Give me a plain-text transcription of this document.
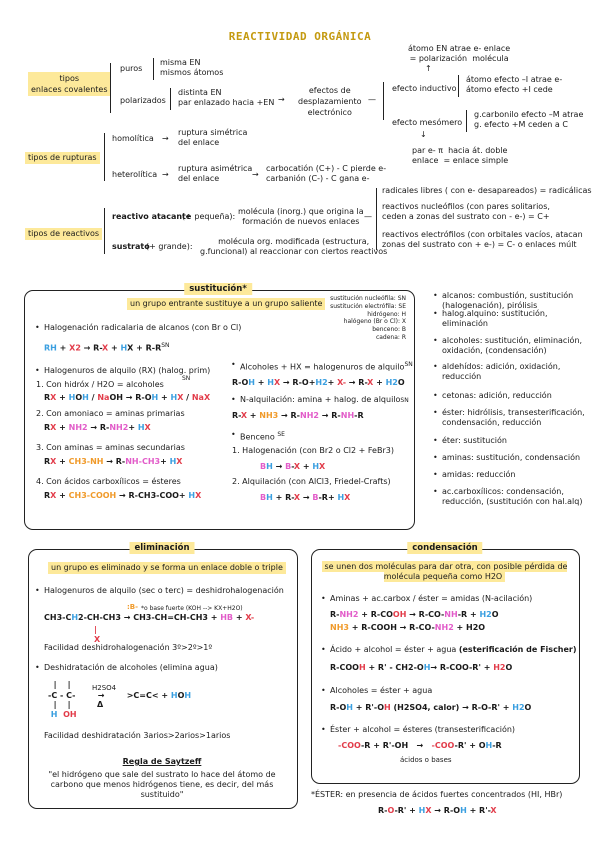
REACTIVIDAD ORGÁNICA
tipos
enlaces covalentes
puros
misma EN
mismos átomos
polarizados
distinta EN
par enlazado hacia +EN →
efectos de
desplazamiento
electrónico
—
átomo EN atrae e- enlace
= polarización  molécula
↑
efecto inductivo
átomo efecto –I atrae e-
átomo efecto +I cede
efecto mesómero
g.carbonilo efecto –M atrae
g. efecto +M ceden a C
↓
par e- π  hacia át. doble
enlace  = enlace simple
tipos de rupturas
homolítica →
ruptura simétrica
del enlace
heterolítica →
ruptura asimétrica
del enlace	→
carbocatión (C+) - C pierde e-
carbanión (C-) - C gana e-
tipos de reactivos
reactivo atacante
(+ pequeña):
molécula (inorg.) que origina la
formación de nuevos enlaces
—
radicales libres ( con e- desapareados) = radicálicas
reactivos nucleófilos (con pares solitarios,
ceden a zonas del sustrato con - e-) = C+
reactivos electrófilos (con orbitales vacíos, atacan
zonas del sustrato con + e-) = C- o enlaces múlt
sustrato
(+ grande):
molécula org. modificada (estructura,
g.funcional) al reaccionar con ciertos reactivos
sustitución*
un grupo entrante sustituye a un grupo saliente
sustitución nucleófila: SN
sustitución electrófila: SE
hidrógeno: H
halógeno (Br o Cl): X
benceno: B
cadena: R
• Halogenación radicalaria de alcanos (con Br o Cl)
RH + X2 → R-X + HX + $R-R^{SN}$
• Halogenuros de alquilo (RX) (halog. prim)
SN
1. Con hidróx / H2O = alcoholes
RX + HOH / NaOH → R-OH + HX / NaX
2. Con amoniaco = aminas primarias
RX + NH2 → R-NH2+ HX
3. Con aminas = aminas secundarias
RX + CH3-NH → R-NH-CH3+ HX
4. Con ácidos carboxílicos = ésteres
RX + CH3-COOH → R-CH3-COO+ HX
• Alcoholes + HX = halogenuros de alquilo$^{SN}$
R-OH + HX → R-O+H2+ X- → R-X + H2O
• N-alquilación: amina + halog. de alquiloSN
R-X + NH3 → R-NH2 → R-NH-R
• Benceno $^{SE}$
1. Halogenación (con Br2 o Cl2 + FeBr3)
BH → B-X + HX
2. Alquilación (con AlCl3, Friedel-Crafts)
BH + R-X → B-R+ HX
• alcanos: combustión, sustitución
(halogenación), pirólisis
• halog.alquino: sustitución,
eliminación
• alcoholes: sustitución, eliminación,
oxidación, (condensación)
• aldehídos: adición, oxidación,
reducción
• cetonas: adición, reducción
• éster: hidrólisis, transesterificación,
condensación, reducción
• éter: sustitución
• aminas: sustitución, condensación
• amidas: reducción
• ac.carboxílicos: condensación,
reducción, (sustitución con hal.alq)
eliminación
un grupo es eliminado y se forma un enlace doble o triple
• Halogenuros de alquilo (sec o terc) = deshidrohalogenación
*o base fuerte (KOH --> KX+H2O)
:B-
CH3-CH2-CH-CH3 → CH3-CH=CH-CH3 + HB + X-
|
X
Facilidad deshidrohalogenación 3º>2º>1º
• Deshidratación de alcoholes (elimina agua)
|    |	H2SO4
-C - C-        →        >C=C< + HOH
Δ
|    |
H OH
Facilidad deshidratación 3arios>2arios>1arios
Regla de Saytzeff
"el hidrógeno que sale del sustrato lo hace del átomo de
carbono que menos hidrógenos tiene, es decir, del más
sustituido"
condensación
se unen dos moléculas para dar otra, con posible pérdida de
molécula pequeña como H2O
• Aminas + ac.carbox / éster = amidas (N-acilación)
R-NH2 + R-COOH → R-CO-NH-R + H2O
NH3 + R-COOH → R-CO-NH2 + H2O
• Ácido + alcohol = éster + agua (esterificación de Fischer)
R-COOH + R' - CH2-OH→ R-COO-R' + H2O
• Alcoholes = éster + agua
R-OH + R'-OH (H2SO4, calor) → R-O-R' + H2O
• Éster + alcohol = ésteres (transesterificación)
-COO-R + R'-OH   →   -COO-R' + OH-R
ácidos o bases
*ÉSTER: en presencia de ácidos fuertes concentrados (HI, HBr)
R-O-R' + HX → R-OH + R'-X
